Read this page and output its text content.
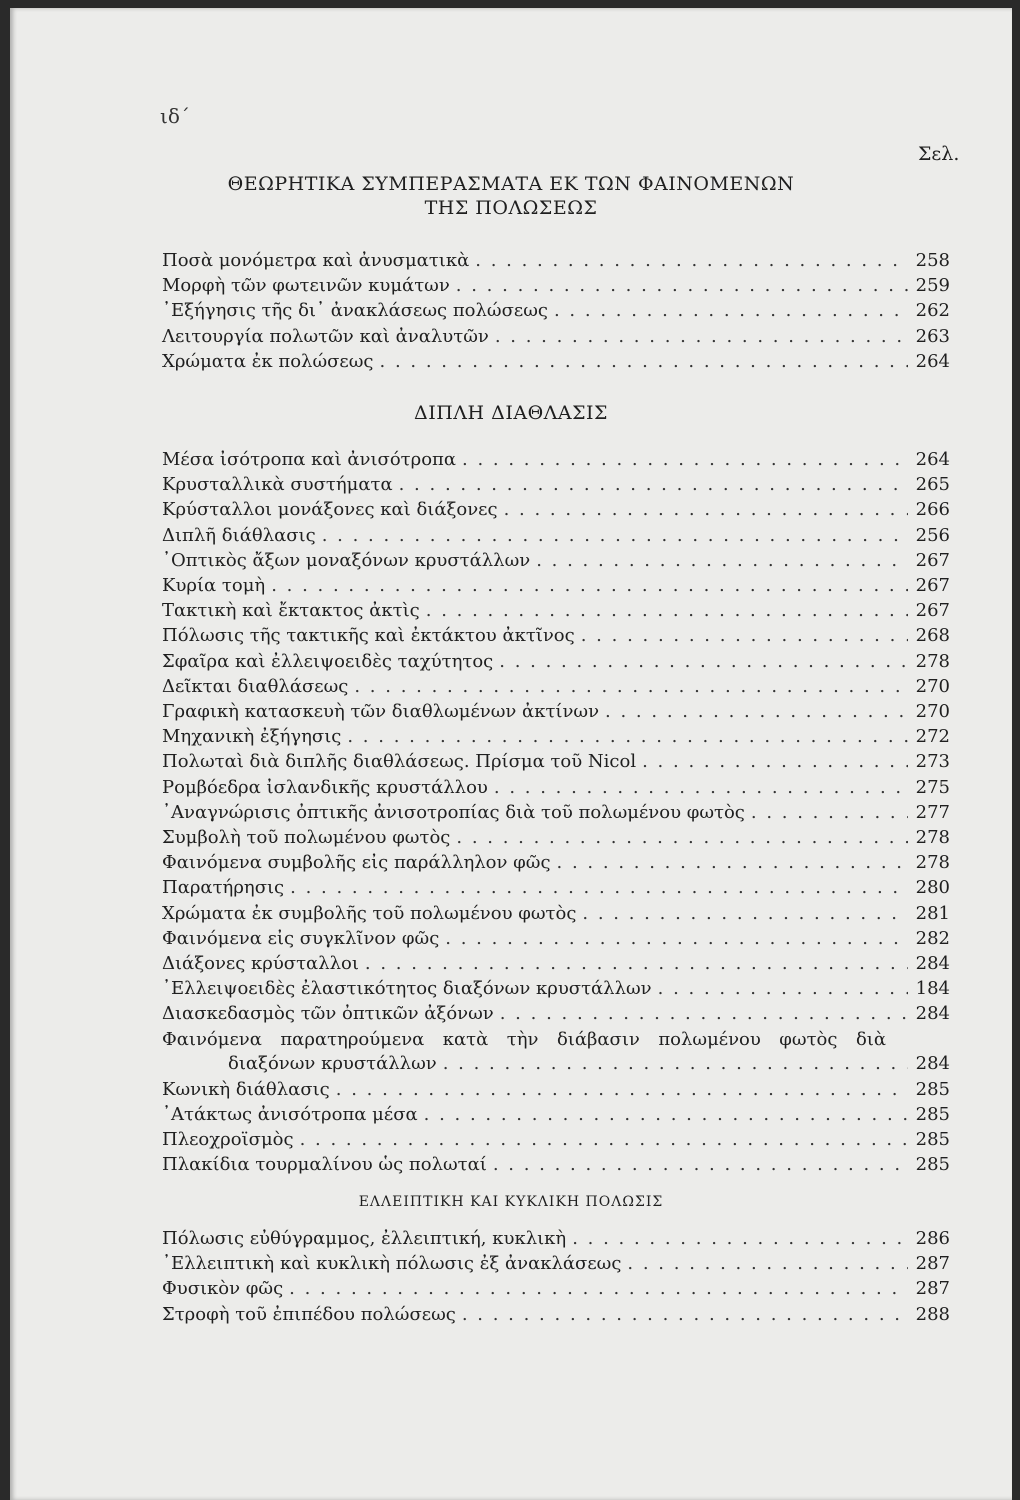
ιδ΄
Σελ.
ΘΕΩΡΗΤΙΚΑ ΣΥΜΠΕΡΑΣΜΑΤΑ ΕΚ ΤΩΝ ΦΑΙΝΟΜΕΝΩΝ
ΤΗΣ ΠΟΛΩΣΕΩΣ
ΔΙΠΛΗ ΔΙΑΘΛΑΣΙΣ
ΕΛΛΕΙΠΤΙΚΗ ΚΑΙ ΚΥΚΛΙΚΗ ΠΟΛΩΣΙΣ
Ποσὰ μονόμετρα καὶ ἀνυσματικὰ . . .	258
Μορφὴ τῶν φωτεινῶν κυμάτων . . .	259
᾿Εξήγησις τῆς δι᾿ ἀνακλάσεως πολώσεως . . .	262
Λειτουργία πολωτῶν καὶ ἀναλυτῶν . . .	263
Χρώματα ἐκ πολώσεως . . .	264
Μέσα ἰσότροπα καὶ ἀνισότροπα . . .	264
Κρυσταλλικὰ συστήματα . . .	265
Κρύσταλλοι μονάξονες καὶ διάξονες . . .	266
Διπλῆ διάθλασις . . .	256
᾿Οπτικὸς ἄξων μοναξόνων κρυστάλλων . . .	267
Κυρία τομὴ . . .	267
Τακτικὴ καὶ ἔκτακτος ἀκτὶς . . .	267
Πόλωσις τῆς τακτικῆς καὶ ἐκτάκτου ἀκτῖνος . . .	268
Σφαῖρα καὶ ἐλλειψοειδὲς ταχύτητος . . .	278
Δεῖκται διαθλάσεως . . .	270
Γραφικὴ κατασκευὴ τῶν διαθλωμένων ἀκτίνων . . .	270
Μηχανικὴ ἐξήγησις . . .	272
Πολωταὶ διὰ διπλῆς διαθλάσεως. Πρίσμα τοῦ Nicol . . .	273
Ρομβόεδρα ἰσλανδικῆς κρυστάλλου . . .	275
᾿Αναγνώρισις ὀπτικῆς ἀνισοτροπίας διὰ τοῦ πολωμένου φωτὸς . . .	277
Συμβολὴ τοῦ πολωμένου φωτὸς . . .	278
Φαινόμενα συμβολῆς εἰς παράλληλον φῶς . . .	278
Παρατήρησις . . .	280
Χρώματα ἐκ συμβολῆς τοῦ πολωμένου φωτὸς . . .	281
Φαινόμενα εἰς συγκλῖνον φῶς . . .	282
Διάξονες κρύσταλλοι . . .	284
᾿Ελλειψοειδὲς ἐλαστικότητος διαξόνων κρυστάλλων . . .	184
Διασκεδασμὸς τῶν ὀπτικῶν ἀξόνων . . .	284
Φαινόμενα παρατηρούμενα κατὰ τὴν διάβασιν πολωμένου φωτὸς διὰ
διαξόνων κρυστάλλων . . .	284
Κωνικὴ διάθλασις . . .	285
᾿Ατάκτως ἀνισότροπα μέσα . . .	285
Πλεοχροϊσμὸς . . .	285
Πλακίδια τουρμαλίνου ὡς πολωταί . . .	285
Πόλωσις εὐθύγραμμος, ἐλλειπτική, κυκλικὴ . . .	286
᾿Ελλειπτικὴ καὶ κυκλικὴ πόλωσις ἐξ ἀνακλάσεως . . .	287
Φυσικὸν φῶς . . .	287
Στροφὴ τοῦ ἐπιπέδου πολώσεως . . .	288
